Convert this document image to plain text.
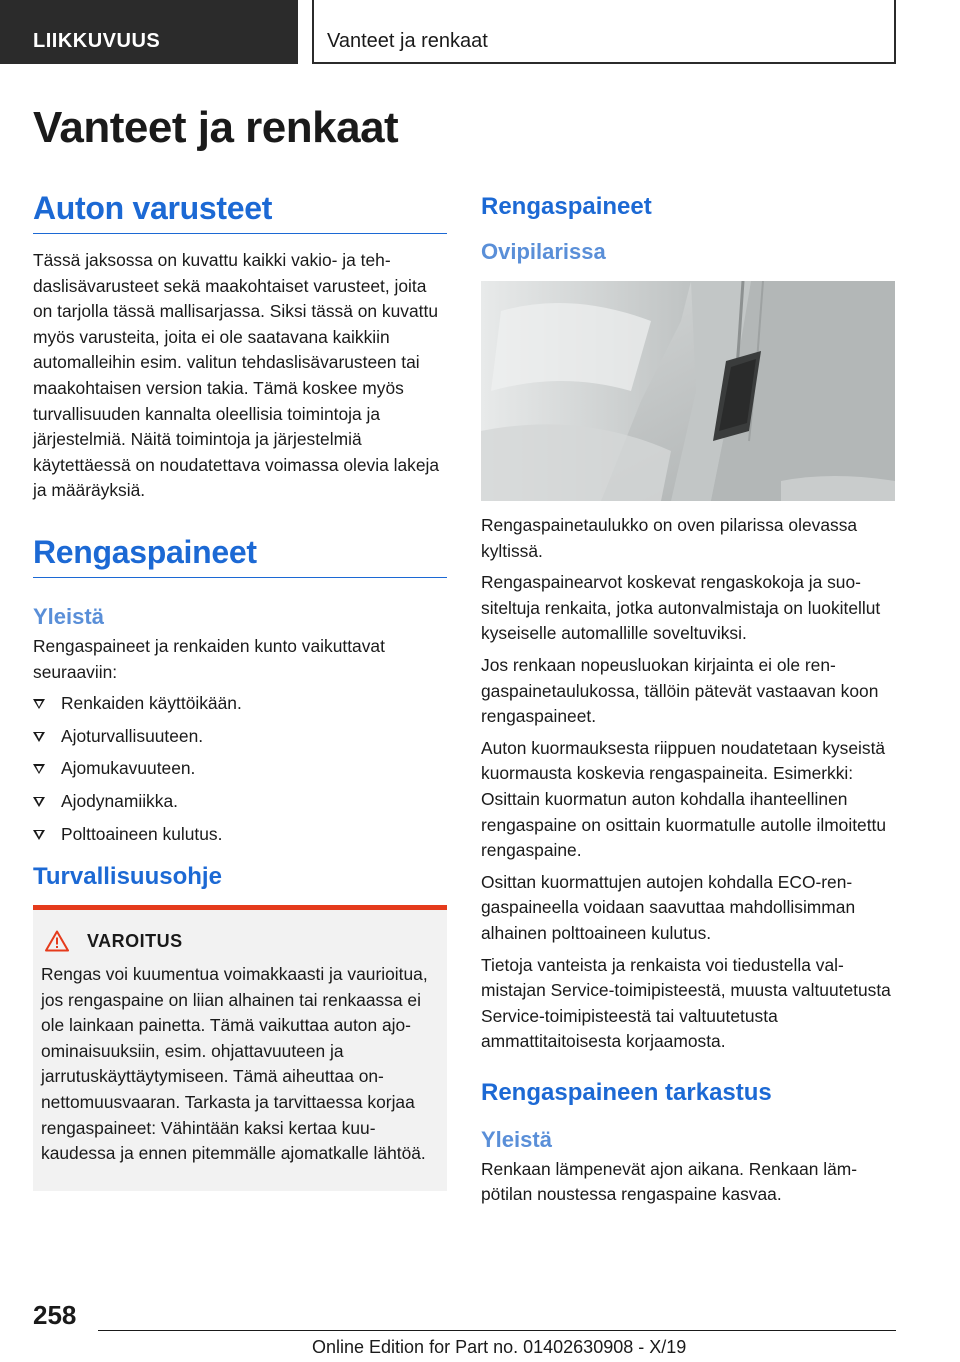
LIIKKUVUUS	Vanteet ja renkaat
Vanteet ja renkaat
Auton varusteet

Tässä jaksossa on kuvattu kaikki vakio- ja tehdaslisävarusteet sekä maakohtaiset varusteet, joita on tarjolla tässä mallisarjassa. Siksi tässä on kuvattu myös varusteita, joita ei ole saatavana kaikkiin automalleihin esim. valitun tehdaslisävarusteen tai maakohtaisen version takia. Tämä koskee myös turvallisuuden kannalta oleellisia toimintoja ja järjestelmiä. Näitä toimintoja ja järjestelmiä käytettäessä on noudatettava voimassa olevia lakeja ja määräyksiä.

Rengaspaineet
Yleistä

Rengaspaineet ja renkaiden kunto vaikuttavat seuraaviin:

Renkaiden käyttöikään.
Ajoturvallisuuteen.
Ajomukavuuteen.
Ajodynamiikka.
Polttoaineen kulutus.
Turvallisuusohje
VAROITUS

Rengas voi kuumentua voimakkaasti ja vaurioitua, jos rengaspaine on liian alhainen tai renkaassa ei ole lainkaan painetta. Tämä vaikuttaa auton ajo-ominaisuuksiin, esim. ohjattavuuteen ja jarrutuskäyttäytymiseen. Tämä aiheuttaa onnettomuusvaaran. Tarkasta ja tarvittaessa korjaa rengaspaineet: Vähintään kaksi kertaa kuukaudessa ja ennen pitemmälle ajomatkalle lähtöä.

Rengaspaineet
Ovipilarissa

Rengaspainetaulukko on oven pilarissa olevassa kyltissä.

Rengaspainearvot koskevat rengaskokoja ja suositeltuja renkaita, jotka autonvalmistaja on luokitellut kyseiselle automallille soveltuviksi.

Jos renkaan nopeusluokan kirjainta ei ole rengaspainetaulukossa, tällöin pätevät vastaavan koon rengaspaineet.

Auton kuormauksesta riippuen noudatetaan kyseistä kuormausta koskevia rengaspaineita. Esimerkki: Osittain kuormatun auton kohdalla ihanteellinen rengaspaine on osittain kuormatulle autolle ilmoitettu rengaspaine.

Osittan kuormattujen autojen kohdalla ECO-rengaspaineella voidaan saavuttaa mahdollisimman alhainen polttoaineen kulutus.

Tietoja vanteista ja renkaista voi tiedustella valmistajan Service-toimipisteestä, muusta valtuutetusta Service-toimipisteestä tai valtuutetusta ammattitaitoisesta korjaamosta.

Rengaspaineen tarkastus
Yleistä

Renkaan lämpenevät ajon aikana. Renkaan lämpötilan noustessa rengaspaine kasvaa.

258
Online Edition for Part no. 01402630908 - X/19
